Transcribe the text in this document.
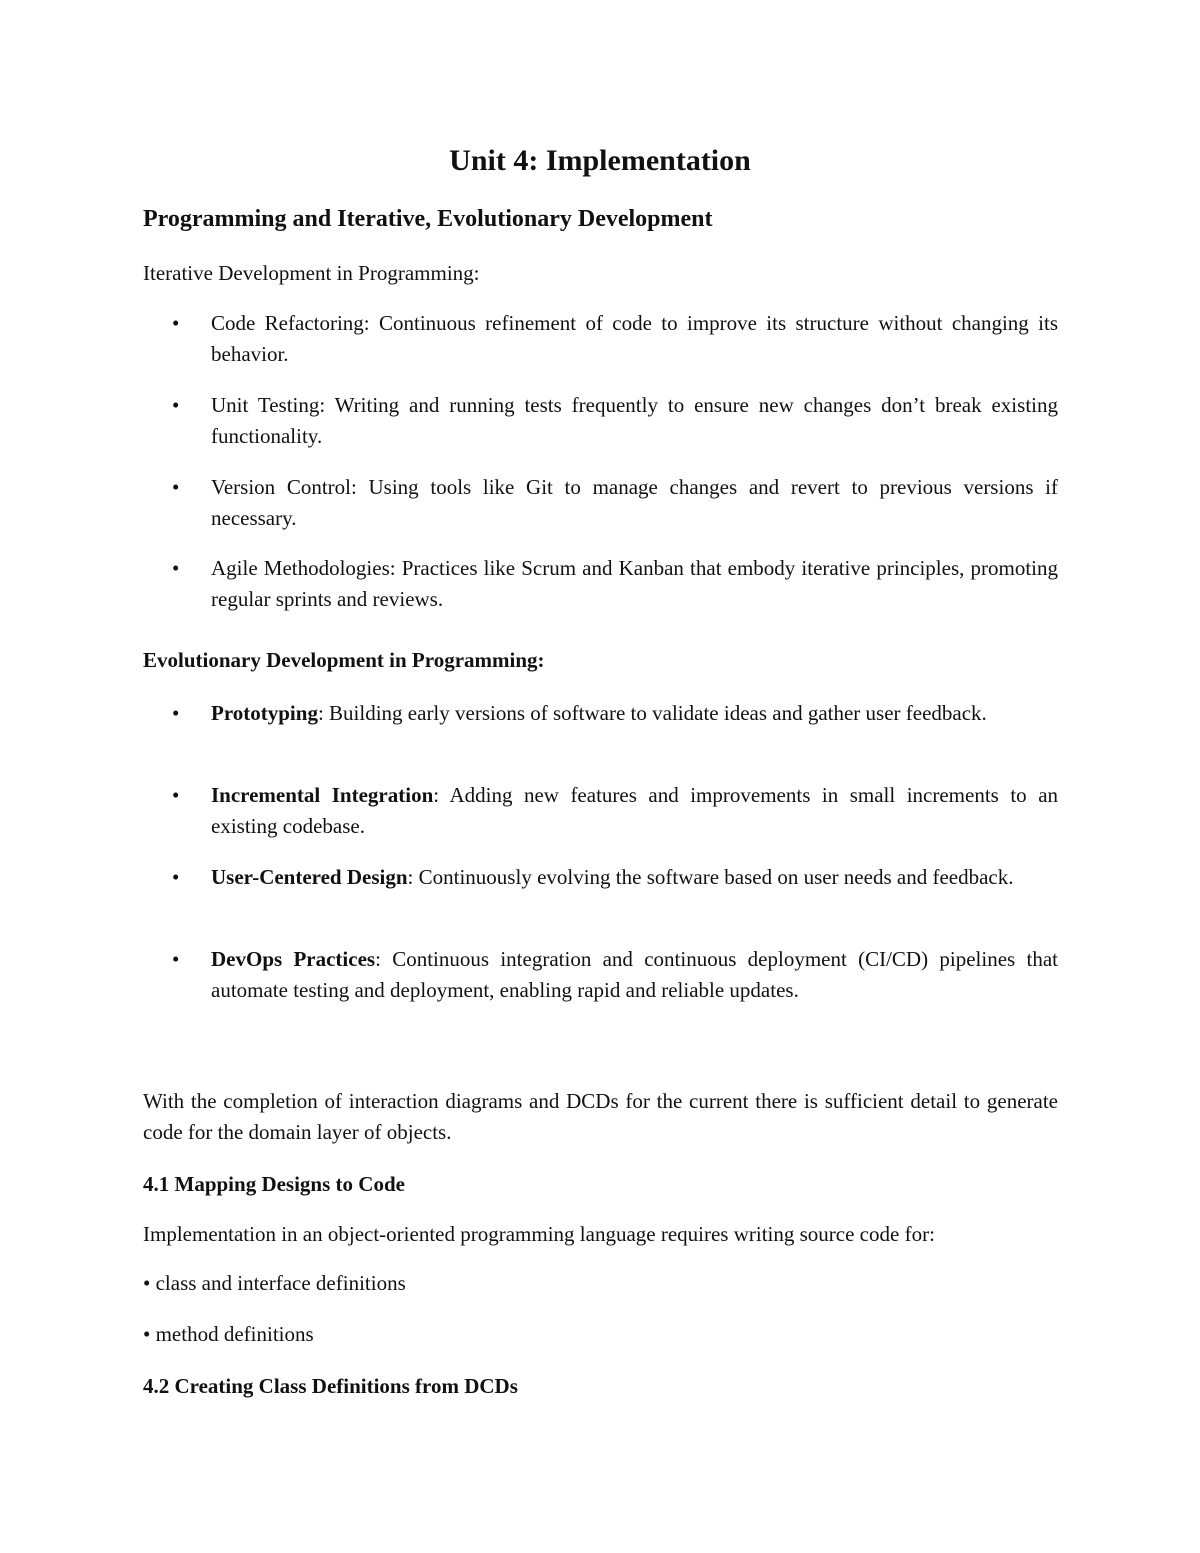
Unit 4: Implementation
Programming and Iterative, Evolutionary Development

Iterative Development in Programming:

• Code Refactoring: Continuous refinement of code to improve its structure without changing its behavior.

• Unit Testing: Writing and running tests frequently to ensure new changes don’t break existing functionality.

• Version Control: Using tools like Git to manage changes and revert to previous versions if necessary.

• Agile Methodologies: Practices like Scrum and Kanban that embody iterative principles, promoting regular sprints and reviews.

Evolutionary Development in Programming:

• Prototyping: Building early versions of software to validate ideas and gather user feedback.

• Incremental Integration: Adding new features and improvements in small increments to an existing codebase.

• User-Centered Design: Continuously evolving the software based on user needs and feedback.

• DevOps Practices: Continuous integration and continuous deployment (CI/CD) pipelines that automate testing and deployment, enabling rapid and reliable updates.

With the completion of interaction diagrams and DCDs for the current there is sufficient detail to generate code for the domain layer of objects.

4.1 Mapping Designs to Code

Implementation in an object-oriented programming language requires writing source code for:

• class and interface definitions

• method definitions

4.2 Creating Class Definitions from DCDs
